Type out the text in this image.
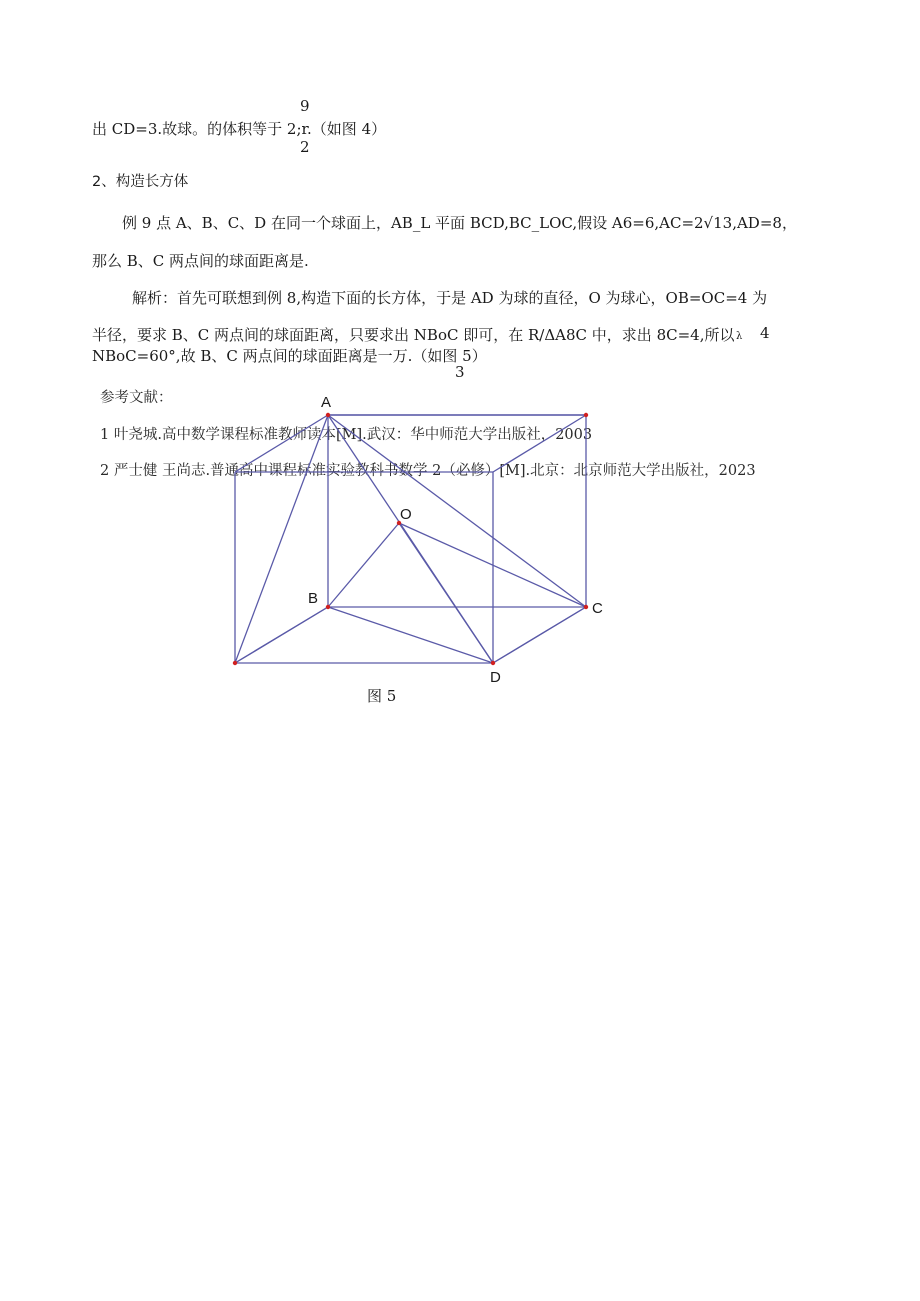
9
出 CD=3.故球。的体积等于 2;r.（如图 4）
2
2、构造长方体
例 9 点 A、B、C、D 在同一个球面上，AB_L 平面 BCD,BC_LOC,假设 A6=6,AC=2√13,AD=8，
那么 B、C 两点间的球面距离是.
解析：首先可联想到例 8,构造下面的长方体，于是 AD 为球的直径，O 为球心，OB=OC=4 为
半径，要求 B、C 两点间的球面距离，只要求出 NBoC 即可，在 R∕ΔA8C 中，求出 8C=4,所以 λ 4
NBoC=60°,故 B、C 两点间的球面距离是一万.（如图 5）
3
参考文献：
1 叶尧城.高中数学课程标准教师读本[M].武汉：华中师范大学出版社，2003
2 严士健 王尚志.普通高中课程标准实验教科书数学 2（必修）[M].北京：北京师范大学出版社，2023
A
O
B
C
D
图 5
